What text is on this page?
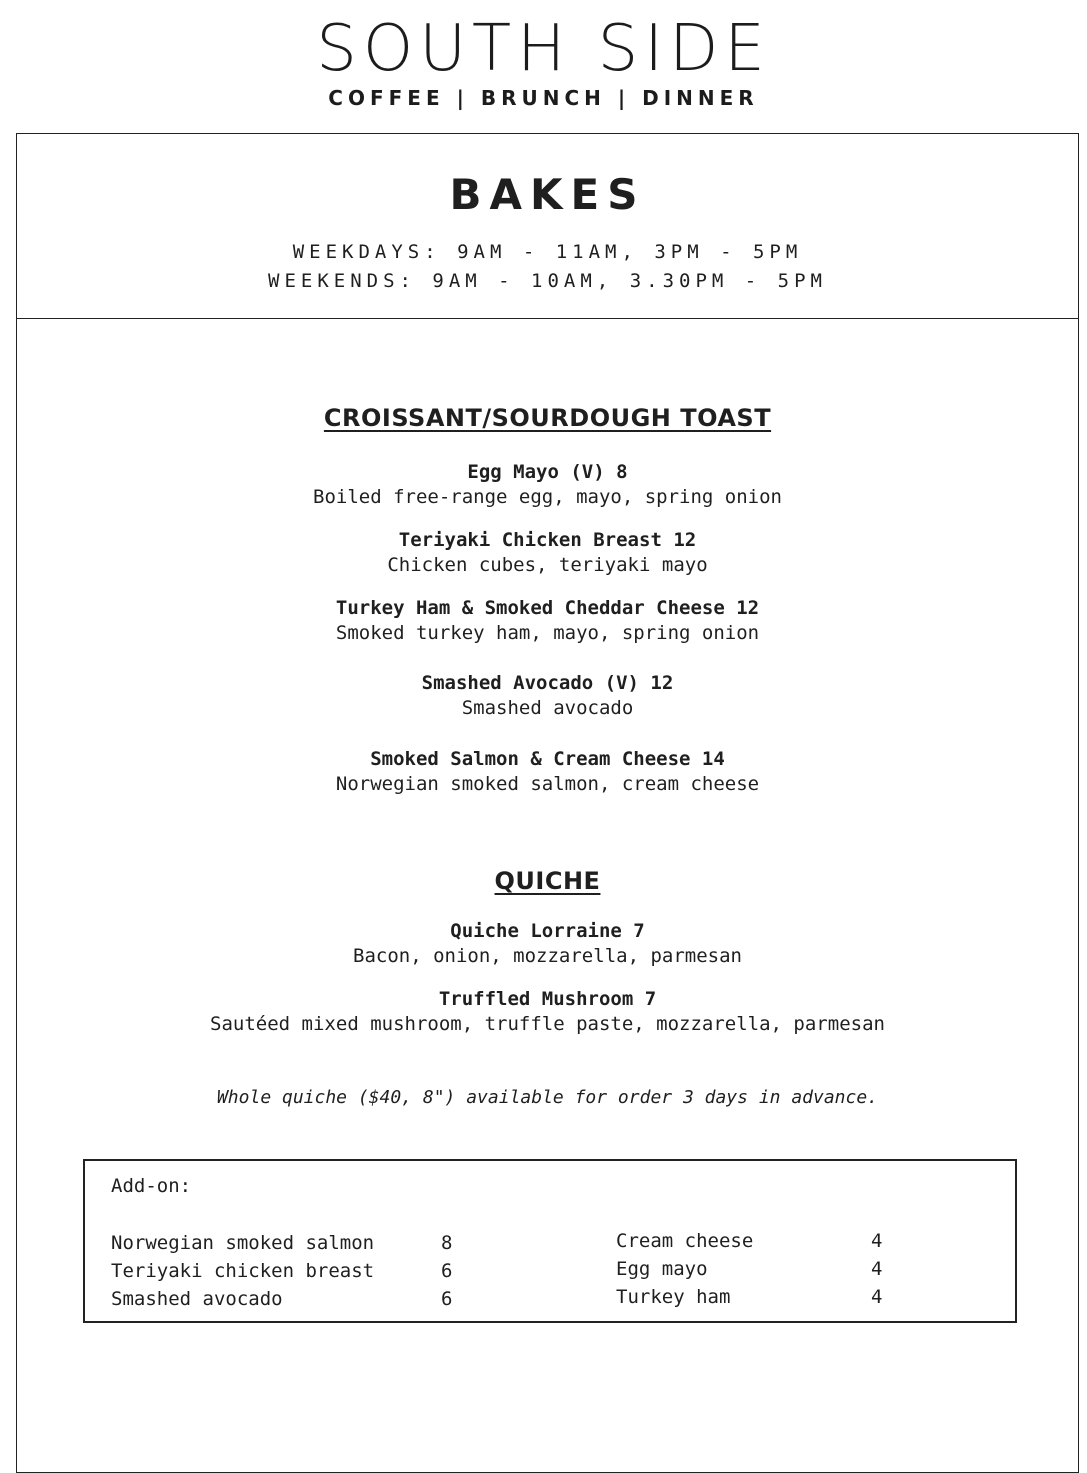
SOUTH SIDE
COFFEE | BRUNCH | DINNER
BAKES
WEEKDAYS: 9AM - 11AM, 3PM - 5PM
WEEKENDS: 9AM - 10AM, 3.30PM - 5PM
CROISSANT/SOURDOUGH TOAST
Egg Mayo (V) 8
Boiled free-range egg, mayo, spring onion
Teriyaki Chicken Breast 12
Chicken cubes, teriyaki mayo
Turkey Ham & Smoked Cheddar Cheese 12
Smoked turkey ham, mayo, spring onion
Smashed Avocado (V) 12
Smashed avocado
Smoked Salmon & Cream Cheese 14
Norwegian smoked salmon, cream cheese
QUICHE
Quiche Lorraine 7
Bacon, onion, mozzarella, parmesan
Truffled Mushroom 7
Sautéed mixed mushroom, truffle paste, mozzarella, parmesan
Whole quiche ($40, 8") available for order 3 days in advance.
Add-on:
Norwegian smoked salmon	8
Teriyaki chicken breast	6
Smashed avocado	6
Cream cheese	4
Egg mayo	4
Turkey ham	4
